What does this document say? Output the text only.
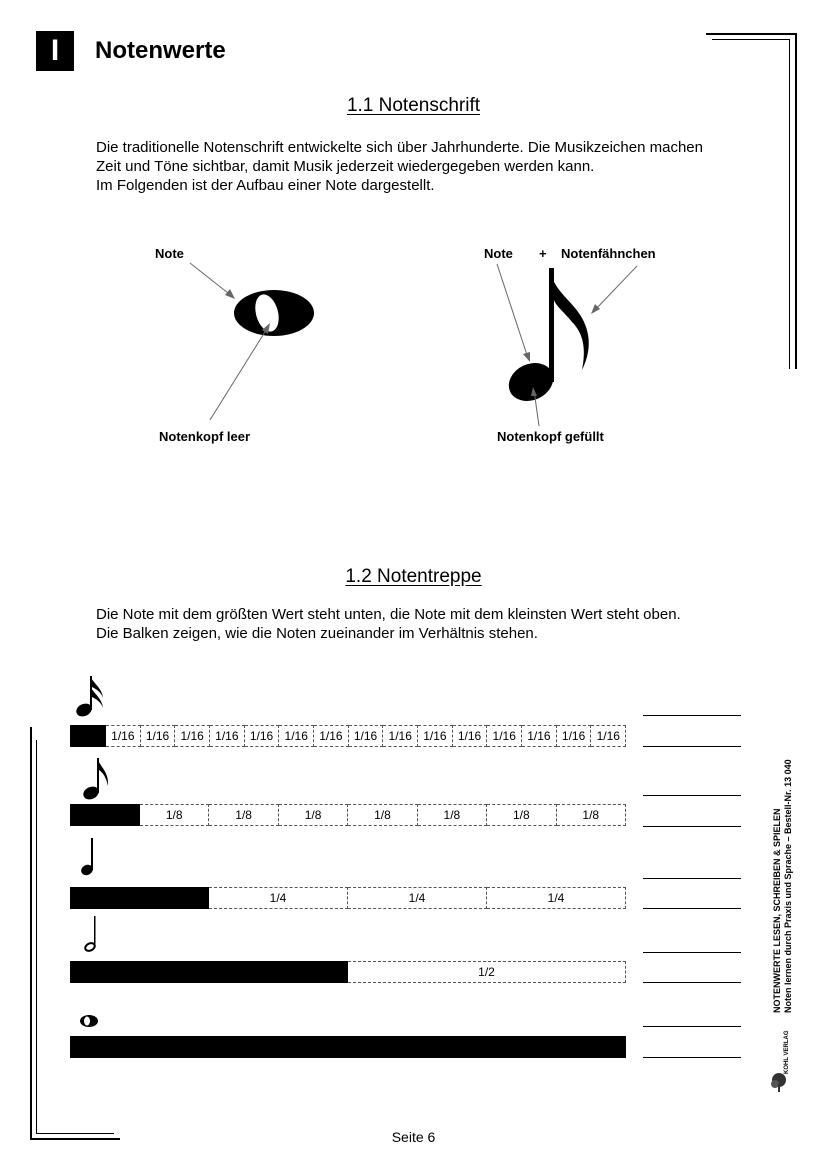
I	Notenwerte
1.1 Notenschrift
Die traditionelle Notenschrift entwickelte sich über Jahrhunderte. Die Musikzeichen machen
Zeit und Töne sichtbar, damit Musik jederzeit wiedergegeben werden kann.
Im Folgenden ist der Aufbau einer Note dargestellt.
Note
Notenkopf leer
Note + Notenfähnchen
Notenkopf gefüllt
1.2 Notentreppe
Die Note mit dem größten Wert steht unten, die Note mit dem kleinsten Wert steht oben.
Die Balken zeigen, wie die Noten zueinander im Verhältnis stehen.
1/16 1/16 1/16 1/16 1/16 1/16 1/16 1/16 1/16 1/16 1/16 1/16 1/16 1/16 1/16
1/8	1/8	1/8	1/8	1/8	1/8	1/8
1/4	1/4	1/4
1/2	NOTENWERTE LESEN, SCHREIBEN & SPIELEN Noten lernen durch Praxis und Sprache – Bestell-Nr. 13 040
KOHL VERLAG
Seite 6
